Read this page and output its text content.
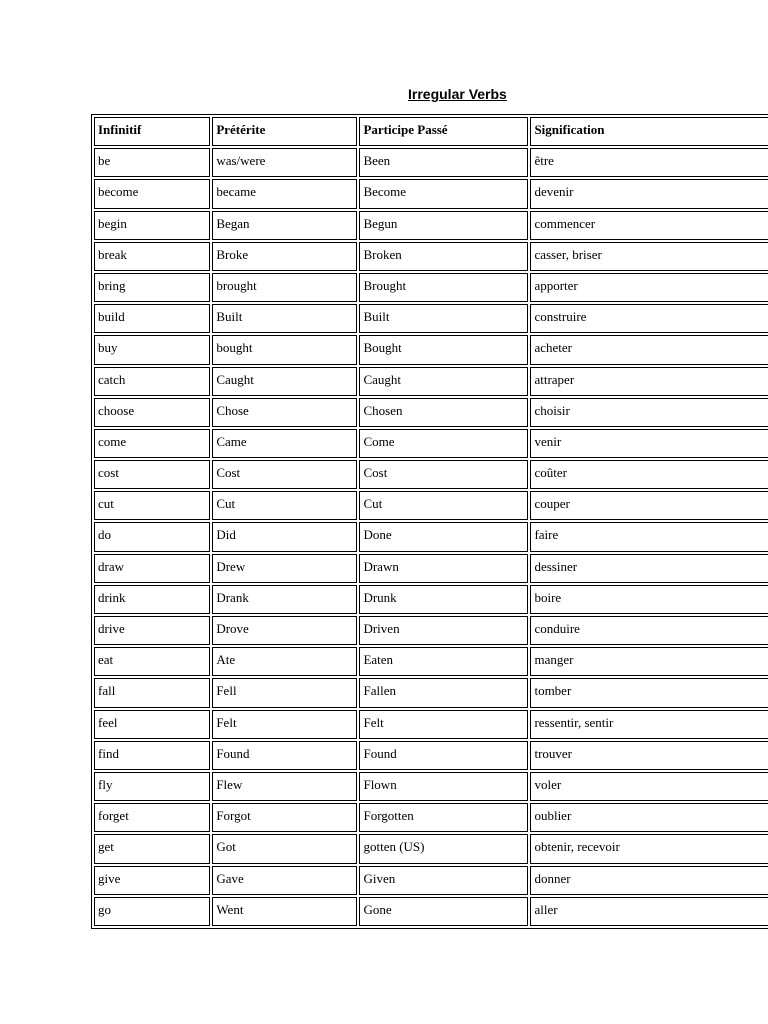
Irregular Verbs
Infinitif	Prétérite	Participe Passé	Signification
be	was/were	Been	être
become	became	Become	devenir
begin	Began	Begun	commencer
break	Broke	Broken	casser, briser
bring	brought	Brought	apporter
build	Built	Built	construire
buy	bought	Bought	acheter
catch	Caught	Caught	attraper
choose	Chose	Chosen	choisir
come	Came	Come	venir
cost	Cost	Cost	coûter
cut	Cut	Cut	couper
do	Did	Done	faire
draw	Drew	Drawn	dessiner
drink	Drank	Drunk	boire
drive	Drove	Driven	conduire
eat	Ate	Eaten	manger
fall	Fell	Fallen	tomber
feel	Felt	Felt	ressentir, sentir
find	Found	Found	trouver
fly	Flew	Flown	voler
forget	Forgot	Forgotten	oublier
get	Got	gotten (US)	obtenir, recevoir
give	Gave	Given	donner
go	Went	Gone	aller
